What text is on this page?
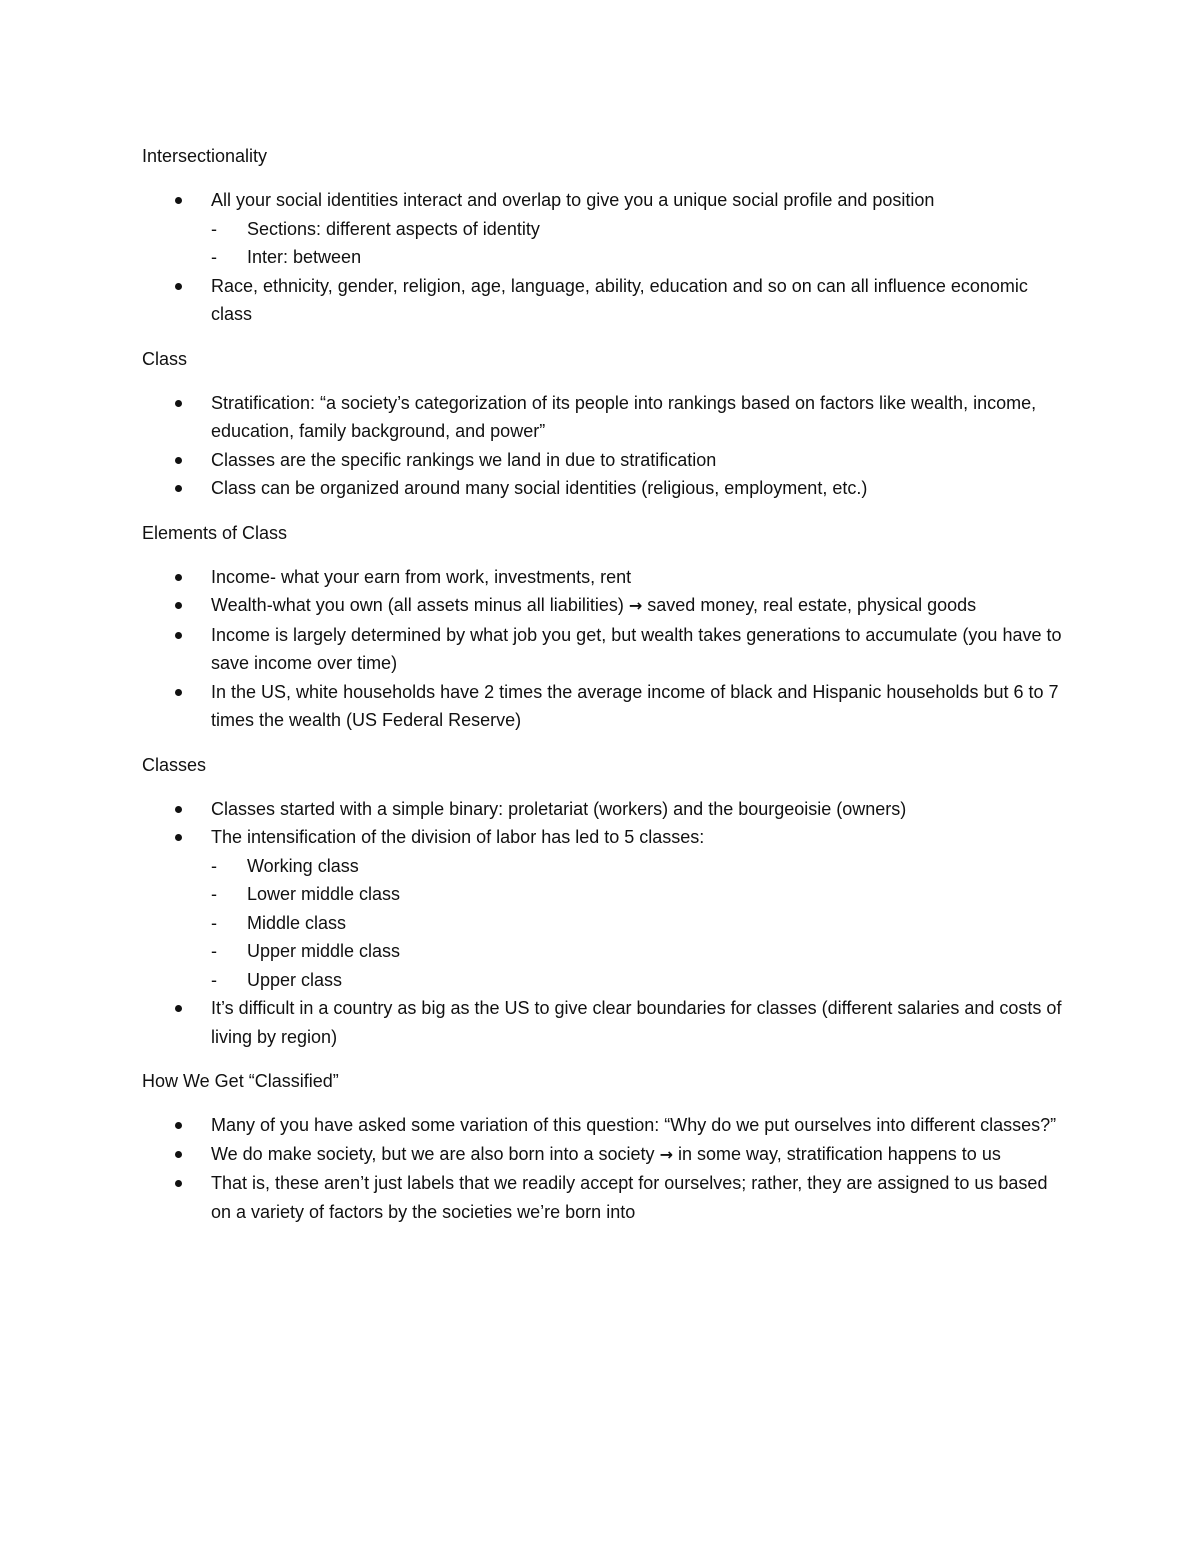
Intersectionality

All your social identities interact and overlap to give you a unique social profile and position
- Sections: different aspects of identity
- Inter: between
Race, ethnicity, gender, religion, age, language, ability, education and so on can all influence economic class

Class

Stratification: “a society’s categorization of its people into rankings based on factors like wealth, income, education, family background, and power”
Classes are the specific rankings we land in due to stratification
Class can be organized around many social identities (religious, employment, etc.)

Elements of Class

Income- what your earn from work, investments, rent
Wealth-what you own (all assets minus all liabilities) → saved money, real estate, physical goods
Income is largely determined by what job you get, but wealth takes generations to accumulate (you have to save income over time)
In the US, white households have 2 times the average income of black and Hispanic households but 6 to 7 times the wealth (US Federal Reserve)

Classes

Classes started with a simple binary: proletariat (workers) and the bourgeoisie (owners)
The intensification of the division of labor has led to 5 classes:
- Working class
- Lower middle class
- Middle class
- Upper middle class
- Upper class
It’s difficult in a country as big as the US to give clear boundaries for classes (different salaries and costs of living by region)

How We Get “Classified”

Many of you have asked some variation of this question: “Why do we put ourselves into different classes?”
We do make society, but we are also born into a society → in some way, stratification happens to us
That is, these aren’t just labels that we readily accept for ourselves; rather, they are assigned to us based on a variety of factors by the societies we’re born into
